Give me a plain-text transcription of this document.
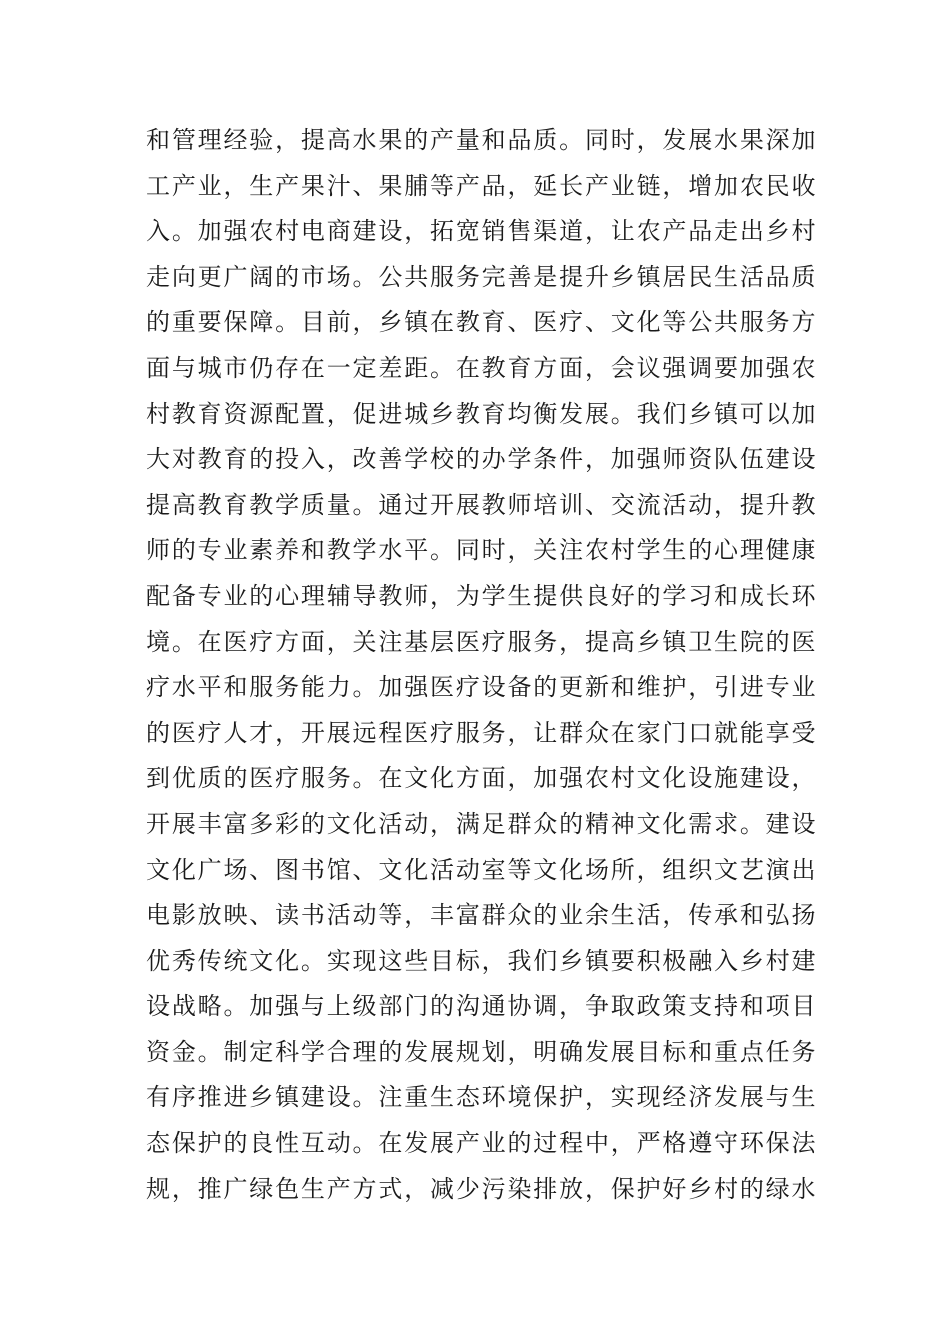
和管理经验，提高水果的产量和品质。同时，发展水果深加
工产业，生产果汁、果脯等产品，延长产业链，增加农民收
入。加强农村电商建设，拓宽销售渠道，让农产品走出乡村
走向更广阔的市场。公共服务完善是提升乡镇居民生活品质
的重要保障。目前，乡镇在教育、医疗、文化等公共服务方
面与城市仍存在一定差距。在教育方面，会议强调要加强农
村教育资源配置，促进城乡教育均衡发展。我们乡镇可以加
大对教育的投入，改善学校的办学条件，加强师资队伍建设
提高教育教学质量。通过开展教师培训、交流活动，提升教
师的专业素养和教学水平。同时，关注农村学生的心理健康
配备专业的心理辅导教师，为学生提供良好的学习和成长环
境。在医疗方面，关注基层医疗服务，提高乡镇卫生院的医
疗水平和服务能力。加强医疗设备的更新和维护，引进专业
的医疗人才，开展远程医疗服务，让群众在家门口就能享受
到优质的医疗服务。在文化方面，加强农村文化设施建设，
开展丰富多彩的文化活动，满足群众的精神文化需求。建设
文化广场、图书馆、文化活动室等文化场所，组织文艺演出
电影放映、读书活动等，丰富群众的业余生活，传承和弘扬
优秀传统文化。实现这些目标，我们乡镇要积极融入乡村建
设战略。加强与上级部门的沟通协调，争取政策支持和项目
资金。制定科学合理的发展规划，明确发展目标和重点任务
有序推进乡镇建设。注重生态环境保护，实现经济发展与生
态保护的良性互动。在发展产业的过程中，严格遵守环保法
规，推广绿色生产方式，减少污染排放，保护好乡村的绿水
